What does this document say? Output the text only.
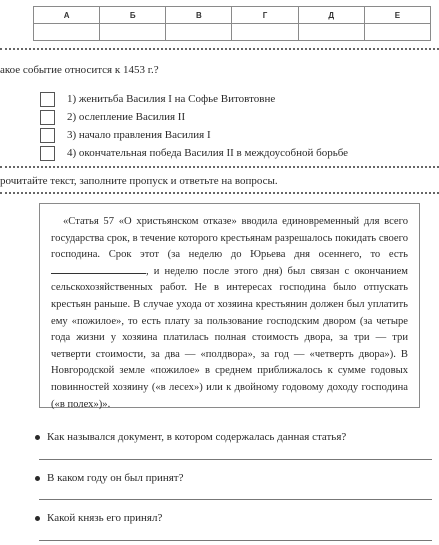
А	Б	В	Г	Д	Е

акое событие относится к 1453 г.?
1) женитьба Василия I на Софье Витовтовне
2) ослепление Василия II
3) начало правления Василия I
4) окончательная победа Василия II в междоусобной борьбе
рочитайте текст, заполните пропуск и ответьте на вопросы.

«Статья 57 «О христьянском отказе» вводила единовременный для всего государства срок, в течение которого крестьянам разрешалось покидать своего господина. Срок этот (за неделю до Юрьева дня осеннего, то есть , и неделю после этого дня) был связан с окончанием сельскохозяйственных работ. Не в интересах господина было отпускать крестьян раньше. В случае ухода от хозяина крестьянин должен был уплатить ему «пожилое», то есть плату за пользование господским двором (за четыре года жизни у хозяина платилась полная стоимость двора, за три — три четверти стоимости, за два — «полдвора», за год — «четверть двора»). В Новгородской земле «пожилое» в среднем приближалось к сумме годовых повинностей хозяину («в лесех») или к двойному годовому доходу господина («в полех»)».

Как назывался документ, в котором содержалась данная статья?
В каком году он был принят?
Какой князь его принял?
